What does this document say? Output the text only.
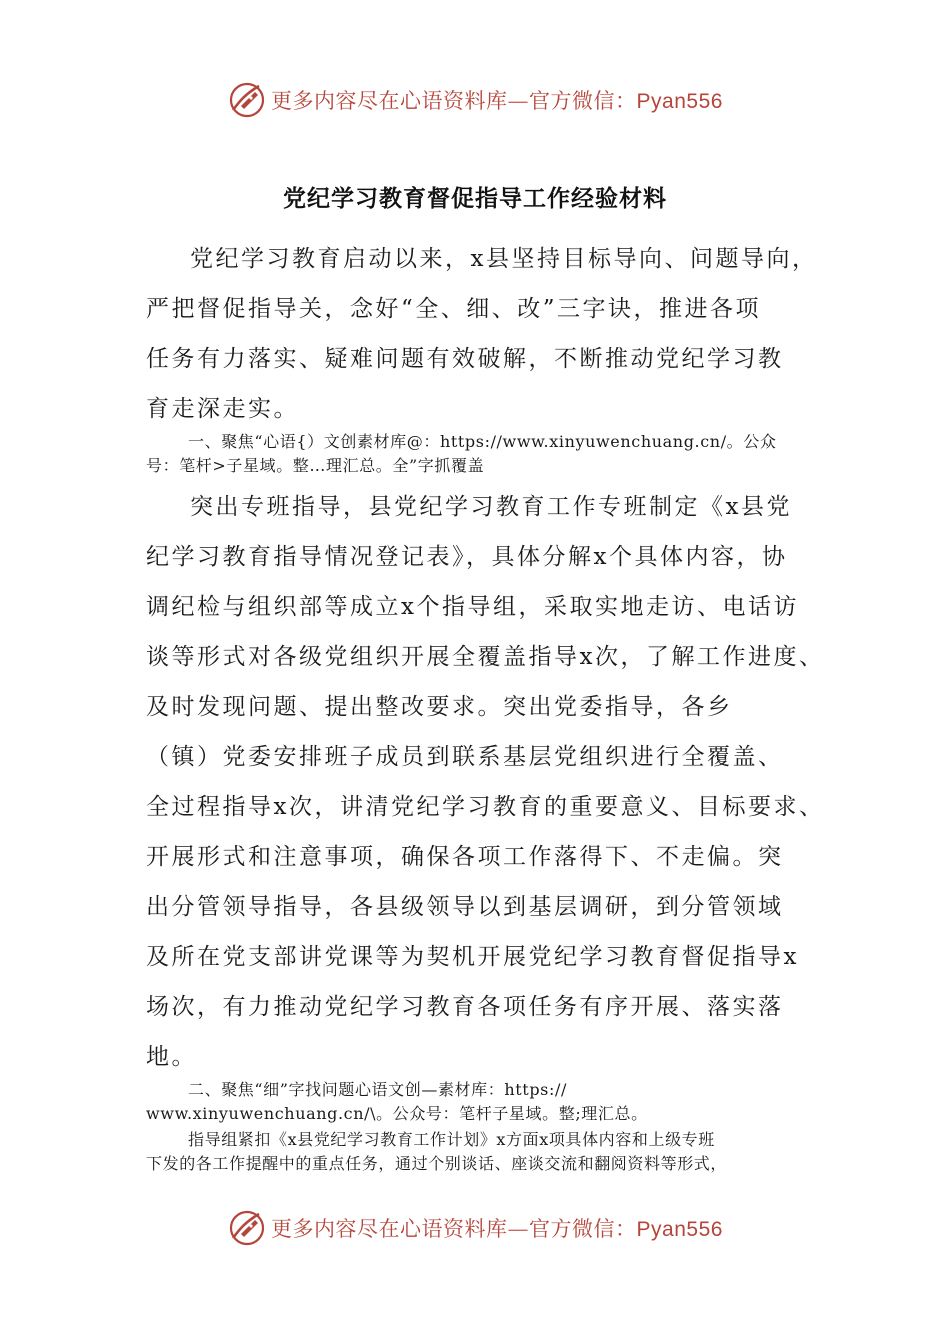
更多内容尽在心语资料库—官方微信：Pyan556
党纪学习教育督促指导工作经验材料
党纪学习教育启动以来，x县坚持目标导向、问题导向，
严把督促指导关，念好“全、细、改”三字诀，推进各项
任务有力落实、疑难问题有效破解，不断推动党纪学习教
育走深走实。
一、聚焦“心语{）文创素材库@：https://www.xinyuwenchuang.cn/。公众
号：笔杆>子星域。整…理汇总。全”字抓覆盖
突出专班指导，县党纪学习教育工作专班制定《x县党
纪学习教育指导情况登记表》，具体分解x个具体内容，协
调纪检与组织部等成立x个指导组，采取实地走访、电话访
谈等形式对各级党组织开展全覆盖指导x次，了解工作进度、
及时发现问题、提出整改要求。突出党委指导，各乡
（镇）党委安排班子成员到联系基层党组织进行全覆盖、
全过程指导x次，讲清党纪学习教育的重要意义、目标要求、
开展形式和注意事项，确保各项工作落得下、不走偏。突
出分管领导指导，各县级领导以到基层调研，到分管领域
及所在党支部讲党课等为契机开展党纪学习教育督促指导x
场次，有力推动党纪学习教育各项任务有序开展、落实落
地。
二、聚焦“细”字找问题心语文创—素材库：https://
www.xinyuwenchuang.cn/\。公众号：笔杆子星域。整;理汇总。
指导组紧扣《x县党纪学习教育工作计划》x方面x项具体内容和上级专班
下发的各工作提醒中的重点任务，通过个别谈话、座谈交流和翻阅资料等形式，
更多内容尽在心语资料库—官方微信：Pyan556
